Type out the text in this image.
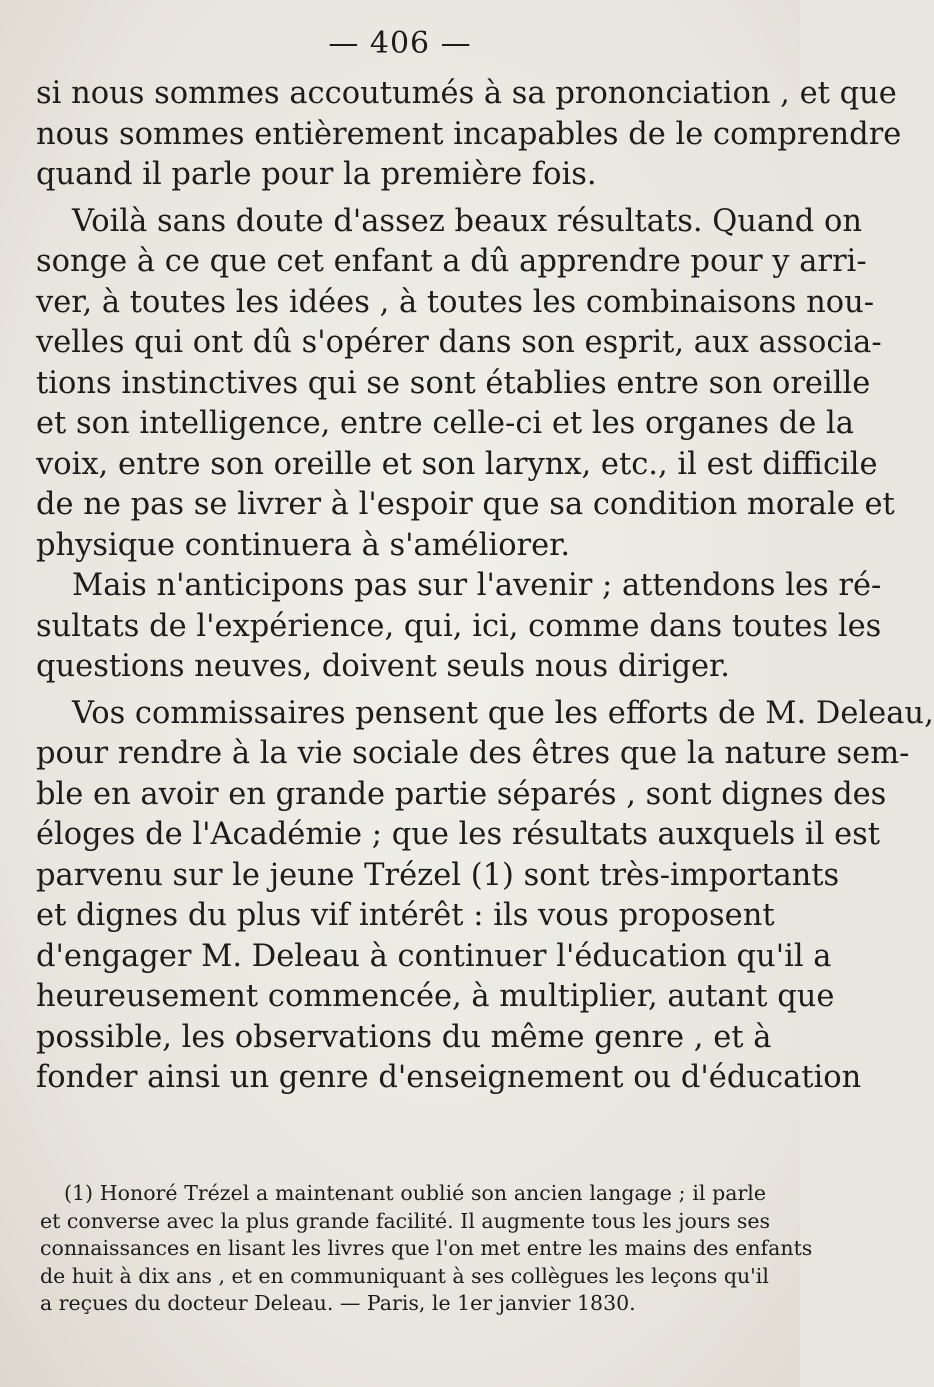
— 406 —
si nous sommes accoutumés à sa prononciation , et que
nous sommes entièrement incapables de le comprendre
quand il parle pour la première fois.
Voilà sans doute d'assez beaux résultats. Quand on
songe à ce que cet enfant a dû apprendre pour y arri-
ver, à toutes les idées , à toutes les combinaisons nou-
velles qui ont dû s'opérer dans son esprit, aux associa-
tions instinctives qui se sont établies entre son oreille
et son intelligence, entre celle-ci et les organes de la
voix, entre son oreille et son larynx, etc., il est difficile
de ne pas se livrer à l'espoir que sa condition morale et
physique continuera à s'améliorer.
Mais n'anticipons pas sur l'avenir ; attendons les ré-
sultats de l'expérience, qui, ici, comme dans toutes les
questions neuves, doivent seuls nous diriger.
Vos commissaires pensent que les efforts de M. Deleau,
pour rendre à la vie sociale des êtres que la nature sem-
ble en avoir en grande partie séparés , sont dignes des
éloges de l'Académie ; que les résultats auxquels il est
parvenu sur le jeune Trézel (1) sont très-importants
et dignes du plus vif intérêt : ils vous proposent
d'engager M. Deleau à continuer l'éducation qu'il a
heureusement commencée, à multiplier, autant que
possible, les observations du même genre , et à
fonder ainsi un genre d'enseignement ou d'éducation
(1) Honoré Trézel a maintenant oublié son ancien langage ; il parle
et converse avec la plus grande facilité. Il augmente tous les jours ses
connaissances en lisant les livres que l'on met entre les mains des enfants
de huit à dix ans , et en communiquant à ses collègues les leçons qu'il
a reçues du docteur Deleau. — Paris, le 1er janvier 1830.
